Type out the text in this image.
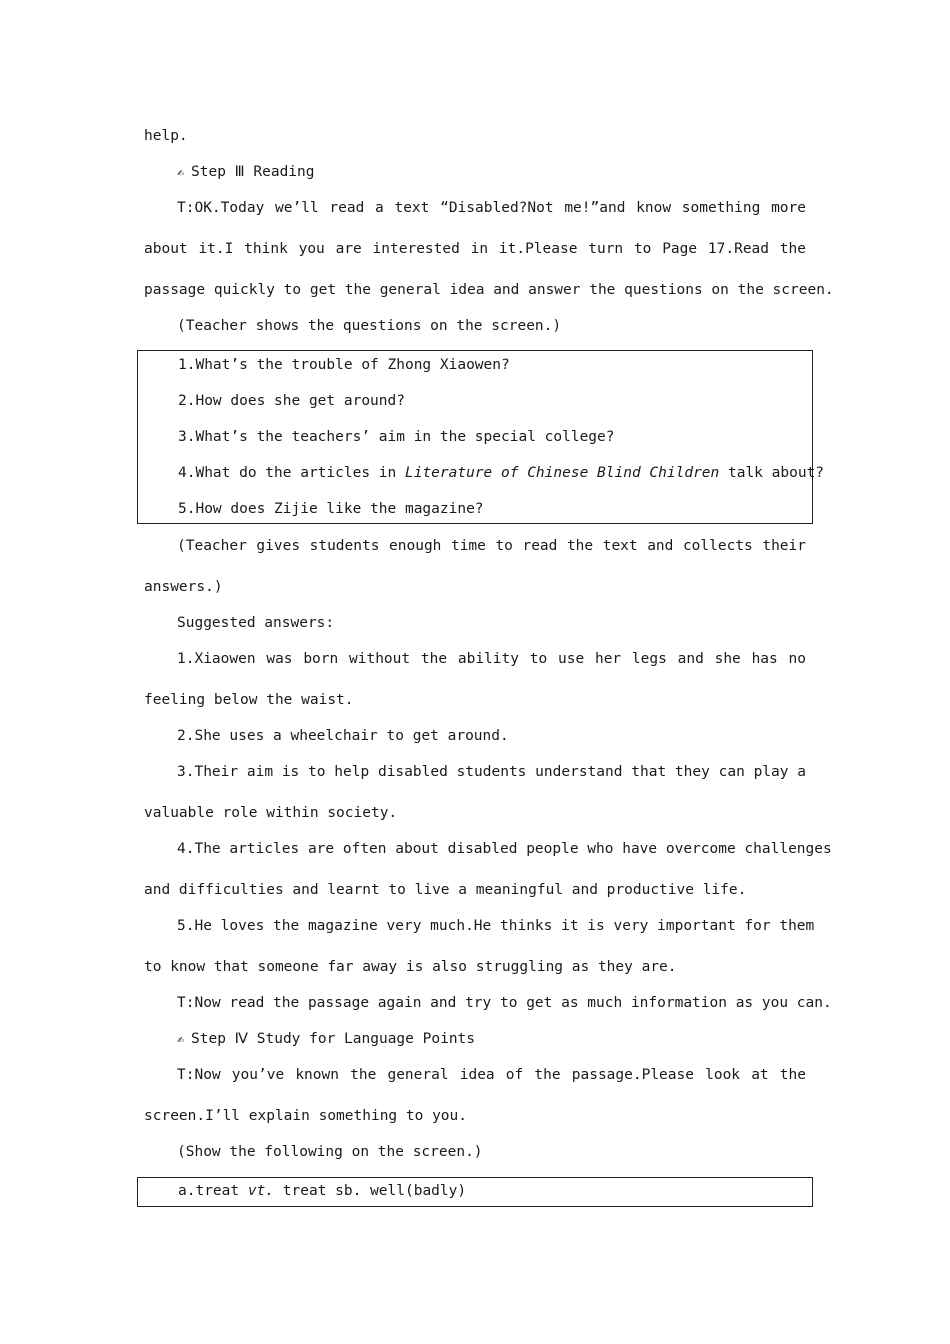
help.
✍ Step Ⅲ Reading
T:OK.Today we’ll read a text “Disabled?Not me!”and know something more
about it.I think you are interested in it.Please turn to Page 17.Read the
passage quickly to get the general idea and answer the questions on the screen.
(Teacher shows the questions on the screen.)
1.What’s the trouble of Zhong Xiaowen?
2.How does she get around?
3.What’s the teachers’ aim in the special college?
4.What do the articles in Literature of Chinese Blind Children talk about?
5.How does Zijie like the magazine?
(Teacher gives students enough time to read the text and collects their
answers.)
Suggested answers:
1.Xiaowen was born without the ability to use her legs and she has no
feeling below the waist.
2.She uses a wheelchair to get around.
3.Their aim is to help disabled students understand that they can play a
valuable role within society.
4.The articles are often about disabled people who have overcome challenges
and difficulties and learnt to live a meaningful and productive life.
5.He loves the magazine very much.He thinks it is very important for them
to know that someone far away is also struggling as they are.
T:Now read the passage again and try to get as much information as you can.
✍ Step Ⅳ Study for Language Points
T:Now you’ve known the general idea of the passage.Please look at the
screen.I’ll explain something to you.
(Show the following on the screen.)
a.treat vt. treat sb. well(badly)
